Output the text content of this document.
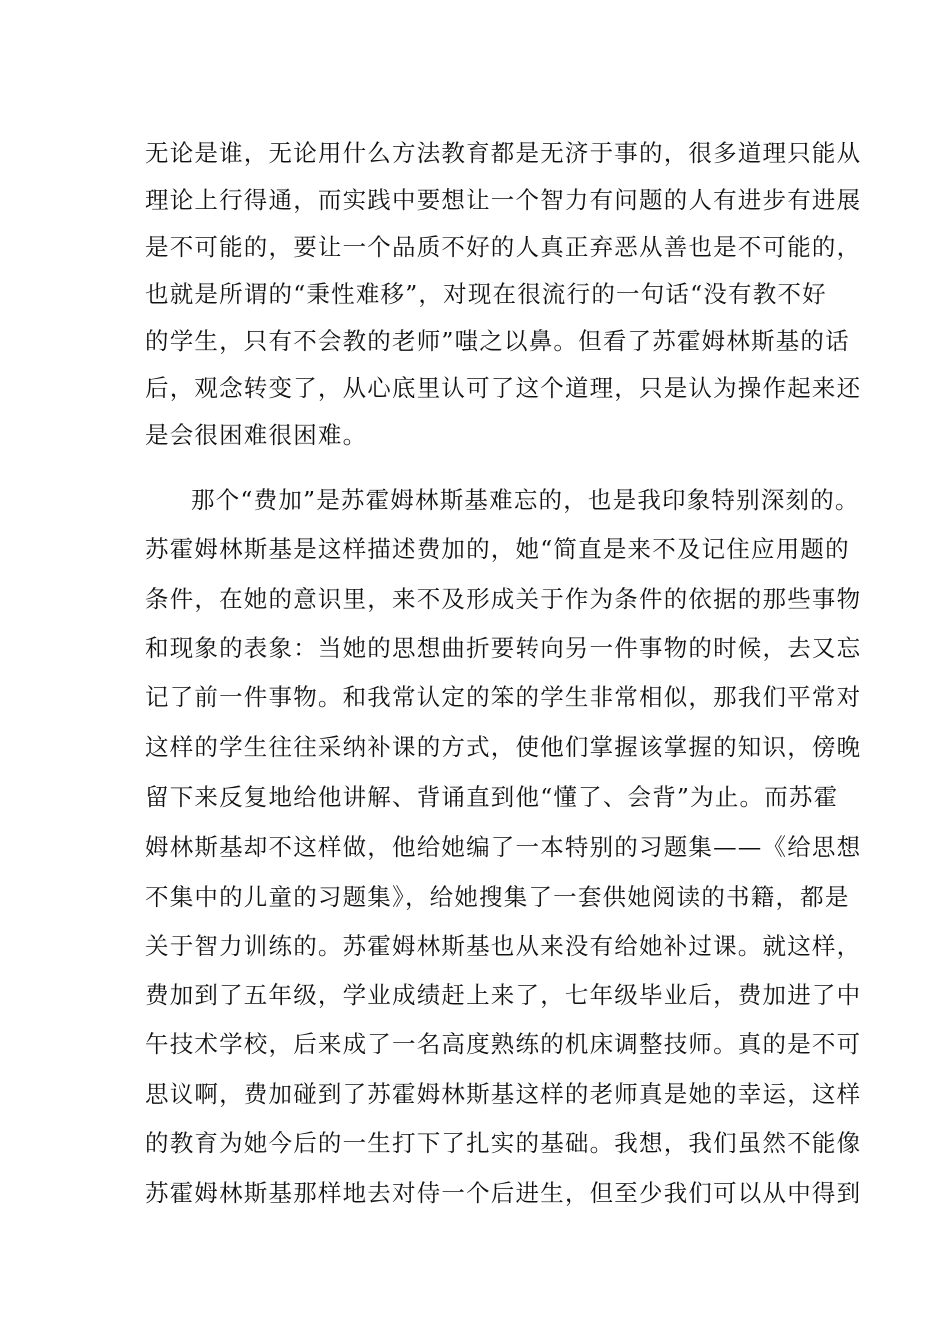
无论是谁，无论用什么方法教育都是无济于事的，很多道理只能从
理论上行得通，而实践中要想让一个智力有问题的人有进步有进展
是不可能的，要让一个品质不好的人真正弃恶从善也是不可能的，
也就是所谓的“秉性难移”，对现在很流行的一句话“没有教不好
的学生，只有不会教的老师”嗤之以鼻。但看了苏霍姆林斯基的话
后，观念转变了，从心底里认可了这个道理，只是认为操作起来还
是会很困难很困难。
那个“费加”是苏霍姆林斯基难忘的，也是我印象特别深刻的。
苏霍姆林斯基是这样描述费加的，她“简直是来不及记住应用题的
条件，在她的意识里，来不及形成关于作为条件的依据的那些事物
和现象的表象：当她的思想曲折要转向另一件事物的时候，去又忘
记了前一件事物。和我常认定的笨的学生非常相似，那我们平常对
这样的学生往往采纳补课的方式，使他们掌握该掌握的知识，傍晚
留下来反复地给他讲解、背诵直到他“懂了、会背”为止。而苏霍
姆林斯基却不这样做，他给她编了一本特别的习题集——《给思想
不集中的儿童的习题集》，给她搜集了一套供她阅读的书籍，都是
关于智力训练的。苏霍姆林斯基也从来没有给她补过课。就这样，
费加到了五年级，学业成绩赶上来了，七年级毕业后，费加进了中
午技术学校，后来成了一名高度熟练的机床调整技师。真的是不可
思议啊，费加碰到了苏霍姆林斯基这样的老师真是她的幸运，这样
的教育为她今后的一生打下了扎实的基础。我想，我们虽然不能像
苏霍姆林斯基那样地去对侍一个后进生，但至少我们可以从中得到
